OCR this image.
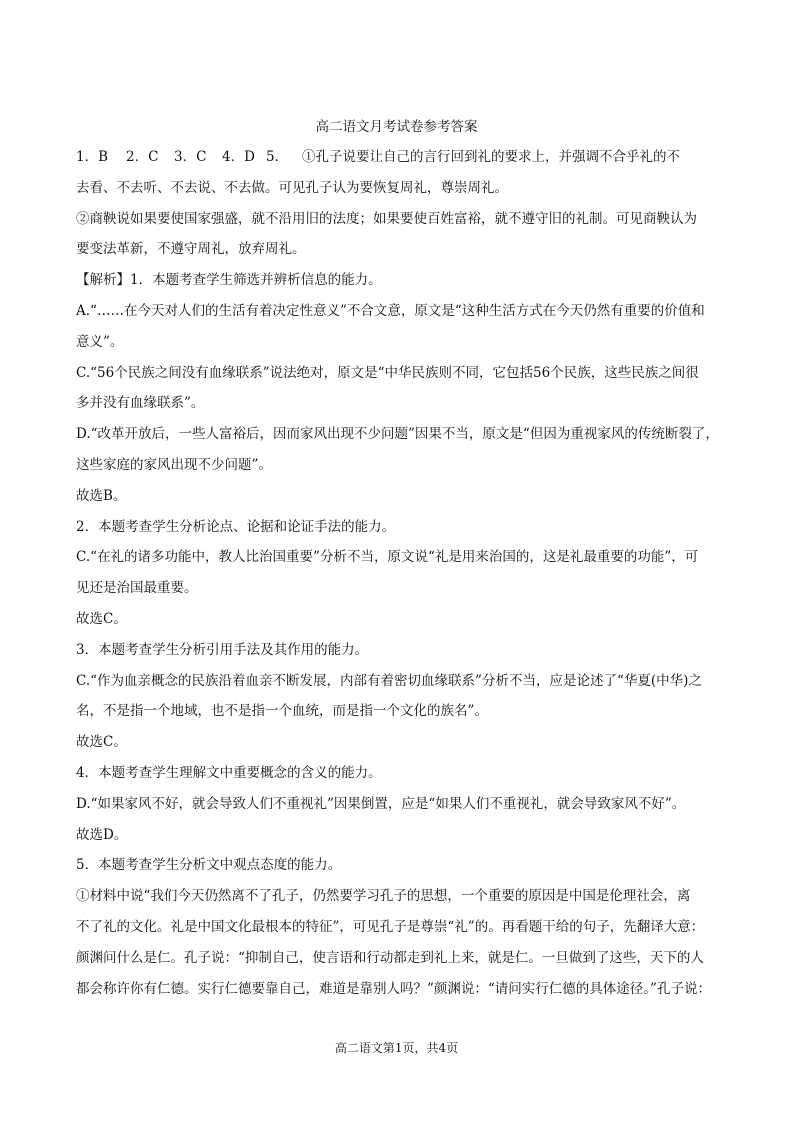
高二语文月考试卷参考答案

1．B 2．C 3．C 4．D 5． ①孔子说要让自己的言行回到礼的要求上，并强调不合乎礼的不

去看、不去听、不去说、不去做。可见孔子认为要恢复周礼，尊崇周礼。

②商鞅说如果要使国家强盛，就不沿用旧的法度；如果要使百姓富裕，就不遵守旧的礼制。可见商鞅认为

要变法革新，不遵守周礼，放弃周礼。

【解析】1．本题考查学生筛选并辨析信息的能力。

A.“……在今天对人们的生活有着决定性意义”不合文意，原文是“这种生活方式在今天仍然有重要的价值和

意义”。

C.“56个民族之间没有血缘联系”说法绝对，原文是“中华民族则不同，它包括56个民族，这些民族之间很

多并没有血缘联系”。

D.“改革开放后，一些人富裕后，因而家风出现不少问题”因果不当，原文是“但因为重视家风的传统断裂了，

这些家庭的家风出现不少问题”。

故选B。

2．本题考查学生分析论点、论据和论证手法的能力。

C.“在礼的诸多功能中，教人比治国重要”分析不当，原文说“礼是用来治国的，这是礼最重要的功能”，可

见还是治国最重要。

故选C。

3．本题考查学生分析引用手法及其作用的能力。

C.“作为血亲概念的民族沿着血亲不断发展，内部有着密切血缘联系”分析不当，应是论述了“华夏(中华)之

名，不是指一个地域，也不是指一个血统，而是指一个文化的族名”。

故选C。

4．本题考查学生理解文中重要概念的含义的能力。

D.“如果家风不好，就会导致人们不重视礼”因果倒置，应是“如果人们不重视礼，就会导致家风不好”。

故选D。

5．本题考查学生分析文中观点态度的能力。

①材料中说“我们今天仍然离不了孔子，仍然要学习孔子的思想，一个重要的原因是中国是伦理社会，离

不了礼的文化。礼是中国文化最根本的特征”，可见孔子是尊崇“礼”的。再看题干给的句子，先翻译大意：

颜渊问什么是仁。孔子说：“抑制自己，使言语和行动都走到礼上来，就是仁。一旦做到了这些，天下的人

都会称许你有仁德。实行仁德要靠自己，难道是靠别人吗？”颜渊说：“请问实行仁德的具体途径。”孔子说：

高二语文第1页，共4页
